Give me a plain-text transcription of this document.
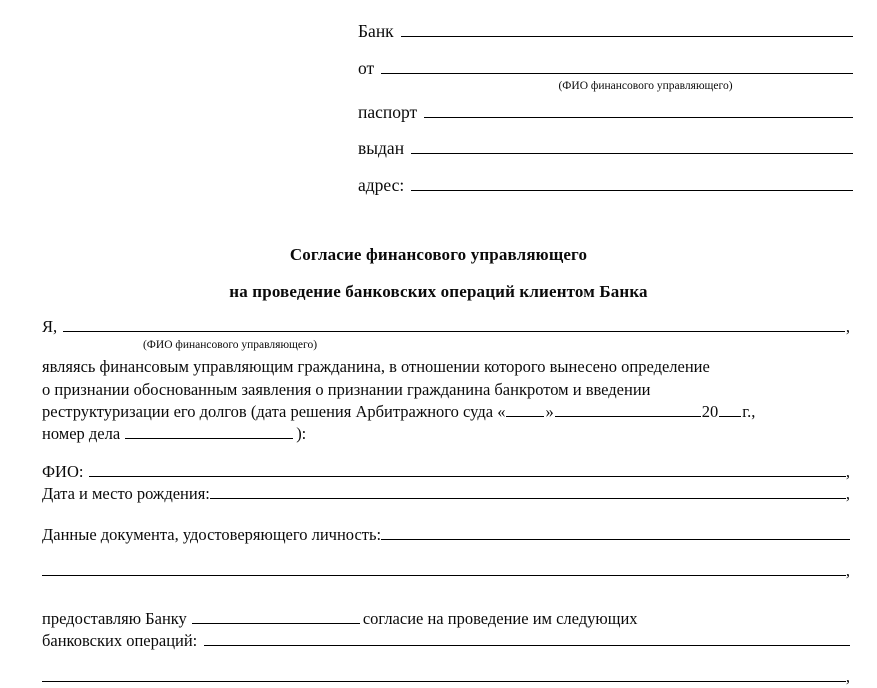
Банк
от
(ФИО финансового управляющего)
паспорт
выдан
адрес:
Согласие финансового управляющего
на проведение банковских операций клиентом Банка
Я,	,
(ФИО финансового управляющего)

являясь финансовым управляющим гражданина, в отношении которого вынесено определение

о признании обоснованным заявления о признании гражданина банкротом и введении

реструктуризации его долгов (дата решения Арбитражного суда « »	20 г.,

номер дела	):

ФИО:	,
Дата и место рождения:	,
Данные документа, удостоверяющего личность:
,

предоставляю Банку	согласие на проведение им следующих

банковских операций:
,
